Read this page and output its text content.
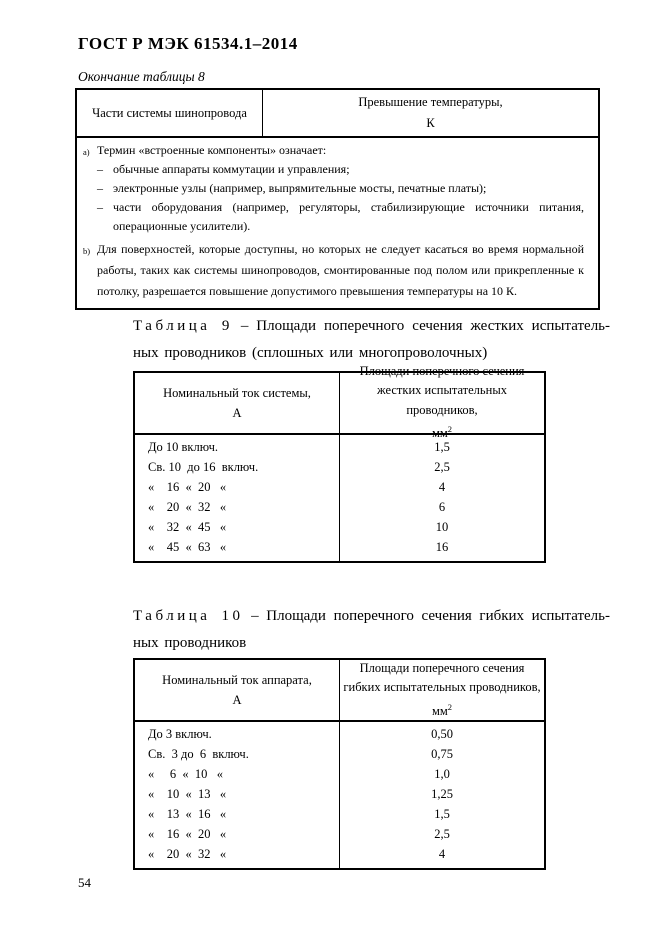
ГОСТ Р МЭК 61534.1–2014
Окончание таблицы 8
Части системы шинопровода
Превышение температуры,
К
a) Термин «встроенные компоненты» означает:
– обычные аппараты коммутации и управления;
– электронные узлы (например, выпрямительные мосты, печатные платы);
– части оборудования (например, регуляторы, стабилизирующие источники питания, операционные усилители).
b) Для поверхностей, которые доступны, но которых не следует касаться во время нормальной работы, таких как системы шинопроводов, смонтированные под полом или прикрепленные к потолку, разрешается повышение допустимого превышения температуры на 10 К.
Таблица 9 – Площади поперечного сечения жестких испытатель-
ных проводников (сплошных или многопроволочных)
Номинальный ток системы,
А
Площади поперечного сечения
жестких испытательных проводников,
$мм^2$
До 10 включ.	1,5
Св. 10  до 16  включ.	2,5
«    16  «  20   «	4
«    20  «  32   «	6
«    32  «  45   «	10
«    45  «  63   «	16
Таблица 10 – Площади поперечного сечения гибких испытатель-
ных проводников
Номинальный ток аппарата,
А
Площади поперечного сечения
гибких испытательных проводников,
$мм^2$
До 3 включ.	0,50
Св.  3 до  6  включ.	0,75
«     6  «  10   «	1,0
«    10  «  13   «	1,25
«    13  «  16   «	1,5
«    16  «  20   «	2,5
«    20  «  32   «	4
54
